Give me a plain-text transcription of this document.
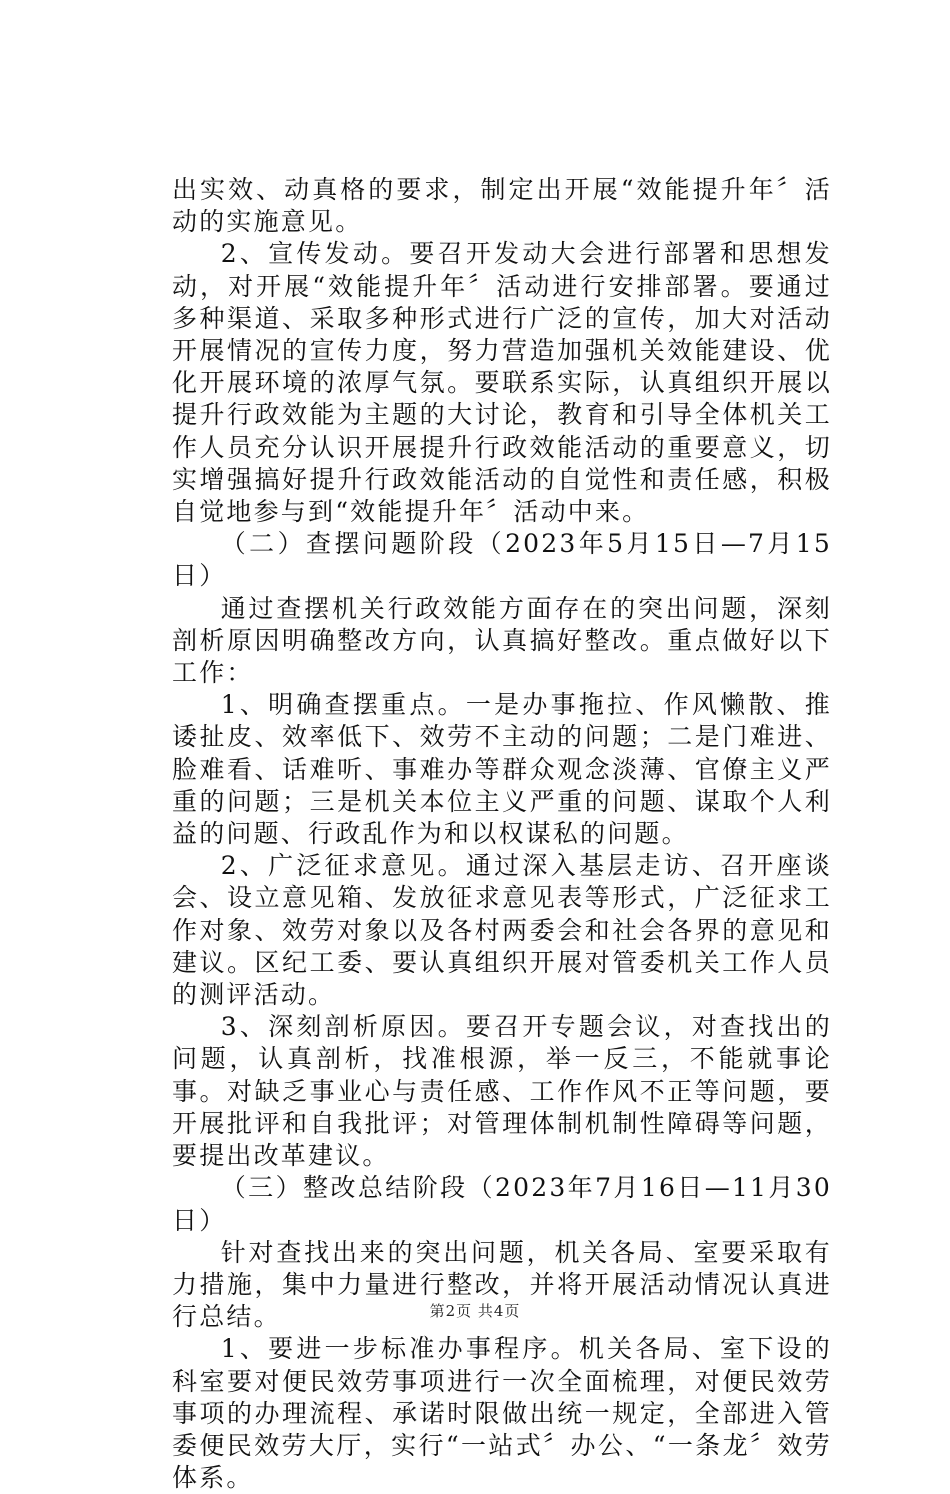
出实效、动真格的要求，制定出开展“效能提升年〞活动的实施意见。

2、宣传发动。要召开发动大会进行部署和思想发动，对开展“效能提升年〞活动进行安排部署。要通过多种渠道、采取多种形式进行广泛的宣传，加大对活动开展情况的宣传力度，努力营造加强机关效能建设、优化开展环境的浓厚气氛。要联系实际，认真组织开展以提升行政效能为主题的大讨论，教育和引导全体机关工作人员充分认识开展提升行政效能活动的重要意义，切实增强搞好提升行政效能活动的自觉性和责任感，积极自觉地参与到“效能提升年〞活动中来。

（二）查摆问题阶段（2023年5月15日—7月15日）

通过查摆机关行政效能方面存在的突出问题，深刻剖析原因明确整改方向，认真搞好整改。重点做好以下工作：

1、明确查摆重点。一是办事拖拉、作风懒散、推诿扯皮、效率低下、效劳不主动的问题；二是门难进、脸难看、话难听、事难办等群众观念淡薄、官僚主义严重的问题；三是机关本位主义严重的问题、谋取个人利益的问题、行政乱作为和以权谋私的问题。

2、广泛征求意见。通过深入基层走访、召开座谈会、设立意见箱、发放征求意见表等形式，广泛征求工作对象、效劳对象以及各村两委会和社会各界的意见和建议。区纪工委、要认真组织开展对管委机关工作人员的测评活动。

3、深刻剖析原因。要召开专题会议，对查找出的问题，认真剖析，找准根源，举一反三，不能就事论事。对缺乏事业心与责任感、工作作风不正等问题，要开展批评和自我批评；对管理体制机制性障碍等问题，要提出改革建议。

（三）整改总结阶段（2023年7月16日—11月30日）

针对查找出来的突出问题，机关各局、室要采取有力措施，集中力量进行整改，并将开展活动情况认真进行总结。

1、要进一步标准办事程序。机关各局、室下设的科室要对便民效劳事项进行一次全面梳理，对便民效劳事项的办理流程、承诺时限做出统一规定，全部进入管委便民效劳大厅，实行“一站式〞办公、“一条龙〞效劳体系。

第2页 共4页
